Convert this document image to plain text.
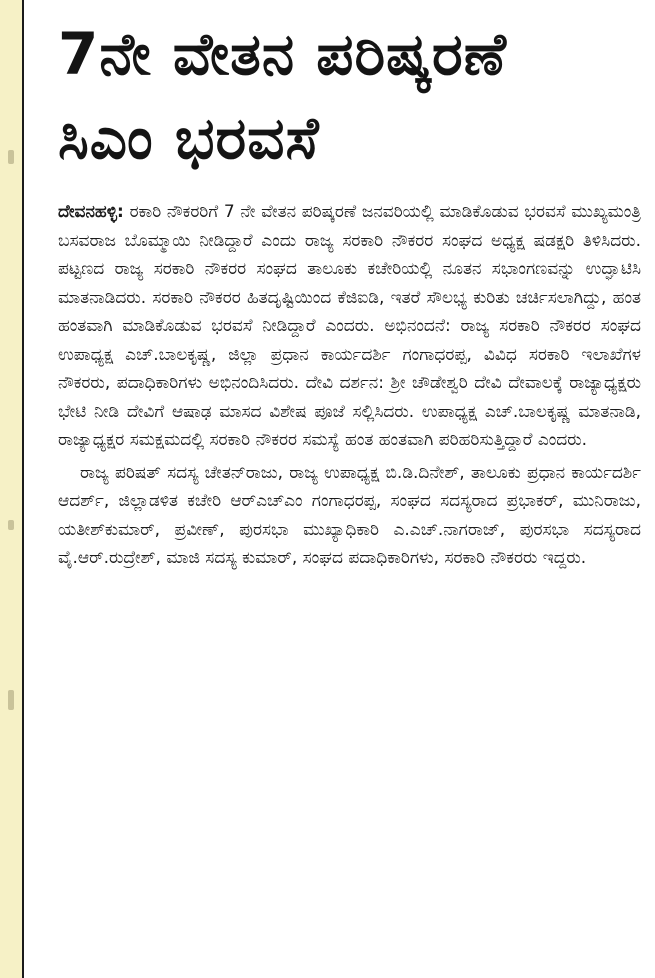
7ನೇ ವೇತನ ಪರಿಷ್ಕರಣೆ
ಸಿಎಂ ಭರವಸೆ

ದೇವನಹಳ್ಳಿ: ರಕಾರಿ ನೌಕರರಿಗೆ 7 ನೇ ವೇತನ ಪರಿಷ್ಕರಣೆ ಜನವರಿಯಲ್ಲಿ ಮಾಡಿಕೊಡುವ ಭರವಸೆ ಮುಖ್ಯಮಂತ್ರಿ ಬಸವರಾಜ ಬೊಮ್ಮಾಯಿ ನೀಡಿದ್ದಾರೆ ಎಂದು ರಾಜ್ಯ ಸರಕಾರಿ ನೌಕರರ ಸಂಘದ ಅಧ್ಯಕ್ಷ ಷಡಕ್ಷರಿ ತಿಳಿಸಿದರು. ಪಟ್ಟಣದ ರಾಜ್ಯ ಸರಕಾರಿ ನೌಕರರ ಸಂಘದ ತಾಲೂಕು ಕಚೇರಿಯಲ್ಲಿ ನೂತನ ಸಭಾಂಗಣವನ್ನು ಉದ್ಘಾಟಿಸಿ ಮಾತನಾಡಿದರು. ಸರಕಾರಿ ನೌಕರರ ಹಿತದೃಷ್ಟಿಯಿಂದ ಕೆಜಿಐಡಿ, ಇತರೆ ಸೌಲಭ್ಯ ಕುರಿತು ಚರ್ಚಿಸಲಾಗಿದ್ದು, ಹಂತ ಹಂತವಾಗಿ ಮಾಡಿಕೊಡುವ ಭರವಸೆ ನೀಡಿದ್ದಾರೆ ಎಂದರು. ಅಭಿನಂದನೆ: ರಾಜ್ಯ ಸರಕಾರಿ ನೌಕರರ ಸಂಘದ ಉಪಾಧ್ಯಕ್ಷ ಎಚ್.ಬಾಲಕೃಷ್ಣ, ಜಿಲ್ಲಾ ಪ್ರಧಾನ ಕಾರ್ಯದರ್ಶಿ ಗಂಗಾಧರಪ್ಪ, ವಿವಿಧ ಸರಕಾರಿ ಇಲಾಖೆಗಳ ನೌಕರರು, ಪದಾಧಿಕಾರಿಗಳು ಅಭಿನಂದಿಸಿದರು. ದೇವಿ ದರ್ಶನ: ಶ್ರೀ ಚೌಡೇಶ್ವರಿ ದೇವಿ ದೇವಾಲಕ್ಕೆ ರಾಜ್ಯಾಧ್ಯಕ್ಷರು ಭೇಟಿ ನೀಡಿ ದೇವಿಗೆ ಆಷಾಢ ಮಾಸದ ವಿಶೇಷ ಪೂಜೆ ಸಲ್ಲಿಸಿದರು. ಉಪಾಧ್ಯಕ್ಷ ಎಚ್.ಬಾಲಕೃಷ್ಣ ಮಾತನಾಡಿ, ರಾಜ್ಯಾಧ್ಯಕ್ಷರ ಸಮಕ್ಷಮದಲ್ಲಿ ಸರಕಾರಿ ನೌಕರರ ಸಮಸ್ಯೆ ಹಂತ ಹಂತವಾಗಿ ಪರಿಹರಿಸುತ್ತಿದ್ದಾರೆ ಎಂದರು.

ರಾಜ್ಯ ಪರಿಷತ್ ಸದಸ್ಯ ಚೇತನ್‌ರಾಜು, ರಾಜ್ಯ ಉಪಾಧ್ಯಕ್ಷ ಬಿ.ಡಿ.ದಿನೇಶ್, ತಾಲೂಕು ಪ್ರಧಾನ ಕಾರ್ಯದರ್ಶಿ ಆದರ್ಶ್, ಜಿಲ್ಲಾಡಳಿತ ಕಚೇರಿ ಆರ್‌ಎಚ್‌ಎಂ ಗಂಗಾಧರಪ್ಪ, ಸಂಘದ ಸದಸ್ಯರಾದ ಪ್ರಭಾಕರ್, ಮುನಿರಾಜು, ಯತೀಶ್‌ಕುಮಾರ್, ಪ್ರವೀಣ್, ಪುರಸಭಾ ಮುಖ್ಯಾಧಿಕಾರಿ ಎ.ಎಚ್.ನಾಗರಾಜ್, ಪುರಸಭಾ ಸದಸ್ಯರಾದ ವೈ.ಆರ್.ರುದ್ರೇಶ್, ಮಾಜಿ ಸದಸ್ಯ ಕುಮಾರ್, ಸಂಘದ ಪದಾಧಿಕಾರಿಗಳು, ಸರಕಾರಿ ನೌಕರರು ಇದ್ದರು.
